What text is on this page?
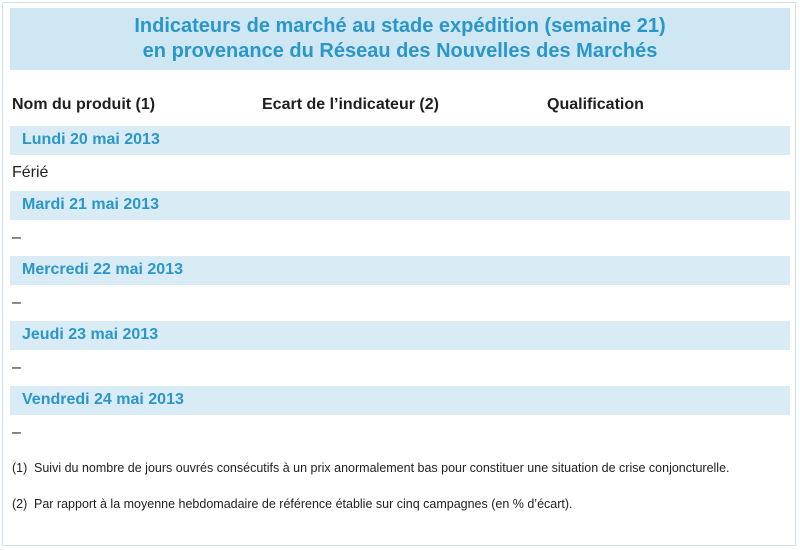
Indicateurs de marché au stade expédition (semaine 21)
en provenance du Réseau des Nouvelles des Marchés
Nom du produit (1)	Ecart de l’indicateur (2)	Qualification
Lundi 20 mai 2013
Férié
Mardi 21 mai 2013
–
Mercredi 22 mai 2013
–
Jeudi 23 mai 2013
–
Vendredi 24 mai 2013
–
(1) Suivi du nombre de jours ouvrés consécutifs à un prix anormalement bas pour constituer une situation de crise conjoncturelle.
(2) Par rapport à la moyenne hebdomadaire de référence établie sur cinq campagnes (en % d’écart).
